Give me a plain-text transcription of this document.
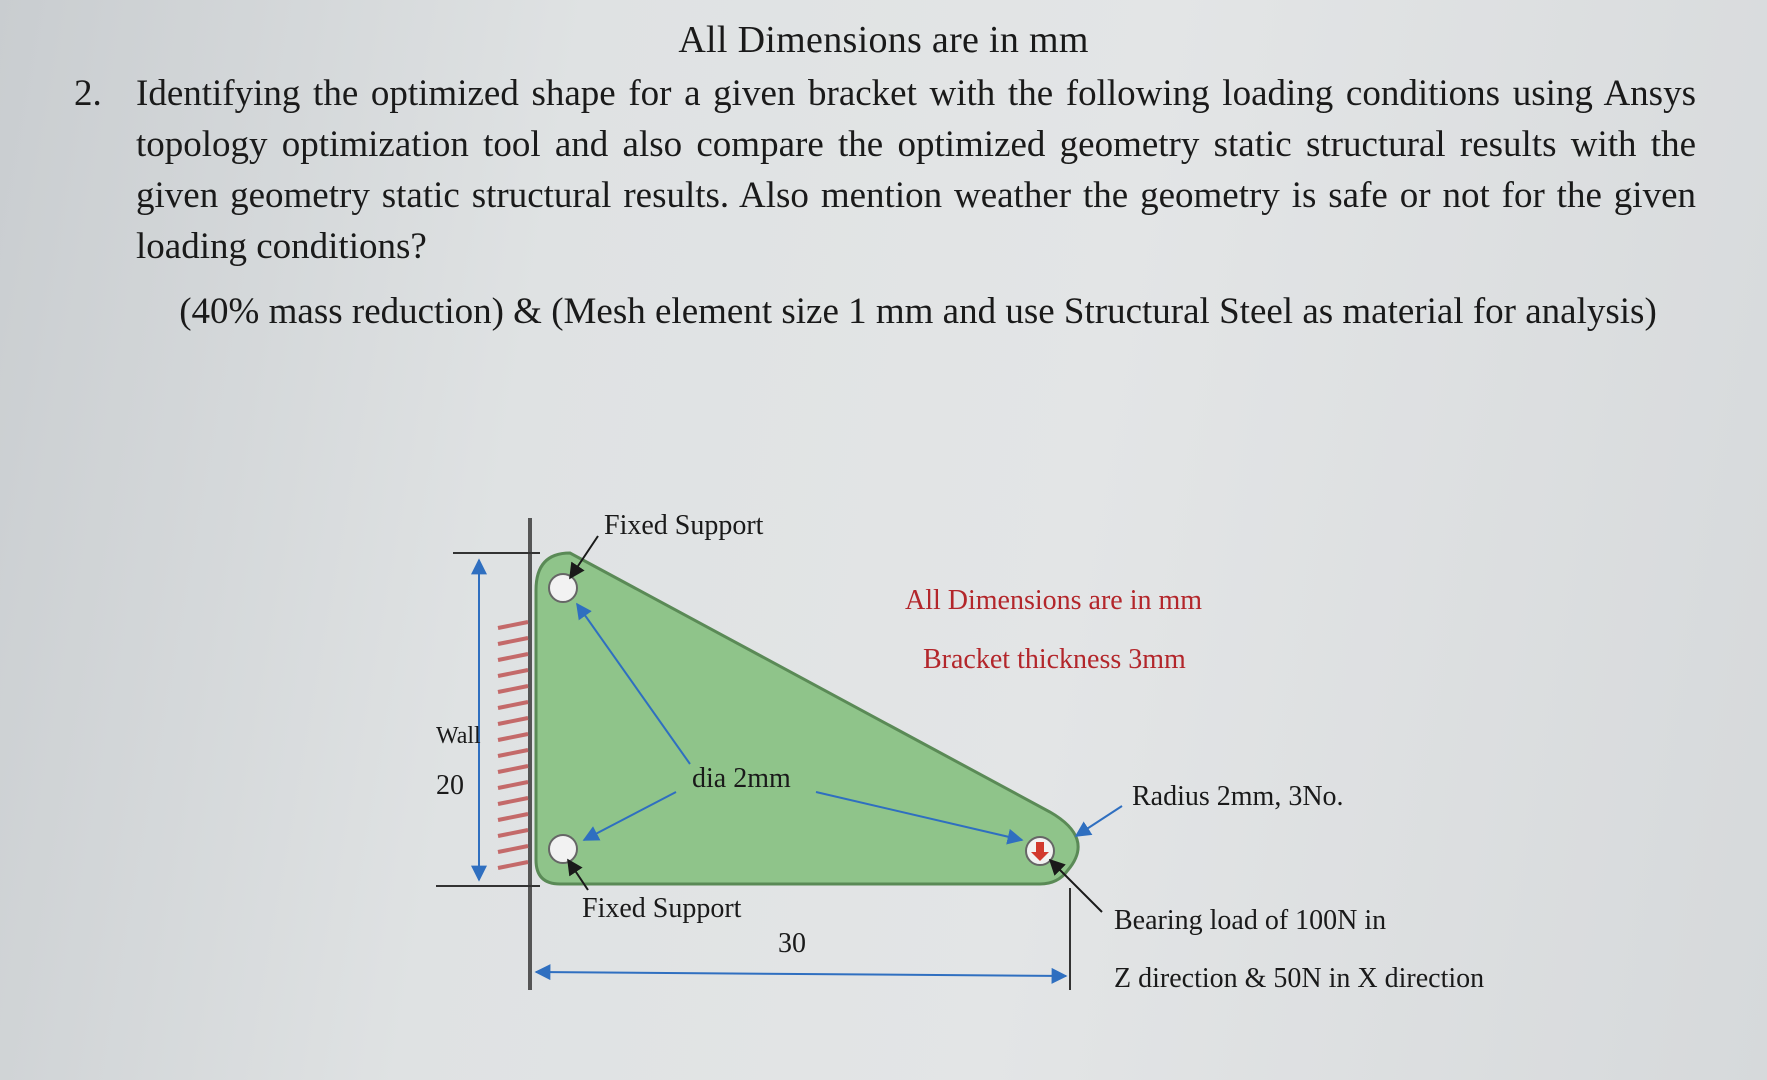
All Dimensions are in mm
2. Identifying the optimized shape for a given bracket with the following loading conditions using Ansys topology optimization tool and also compare the optimized geometry static structural results with the given geometry static structural results. Also mention weather the geometry is safe or not for the given loading conditions?
(40% mass reduction) & (Mesh element size 1 mm and use Structural Steel as material for analysis)
Fixed Support
All Dimensions are in mm
Bracket thickness 3mm
Wall
20	dia 2mm
Radius 2mm, 3No.
Fixed Support
30
Bearing load of 100N in
Z direction & 50N in X direction
